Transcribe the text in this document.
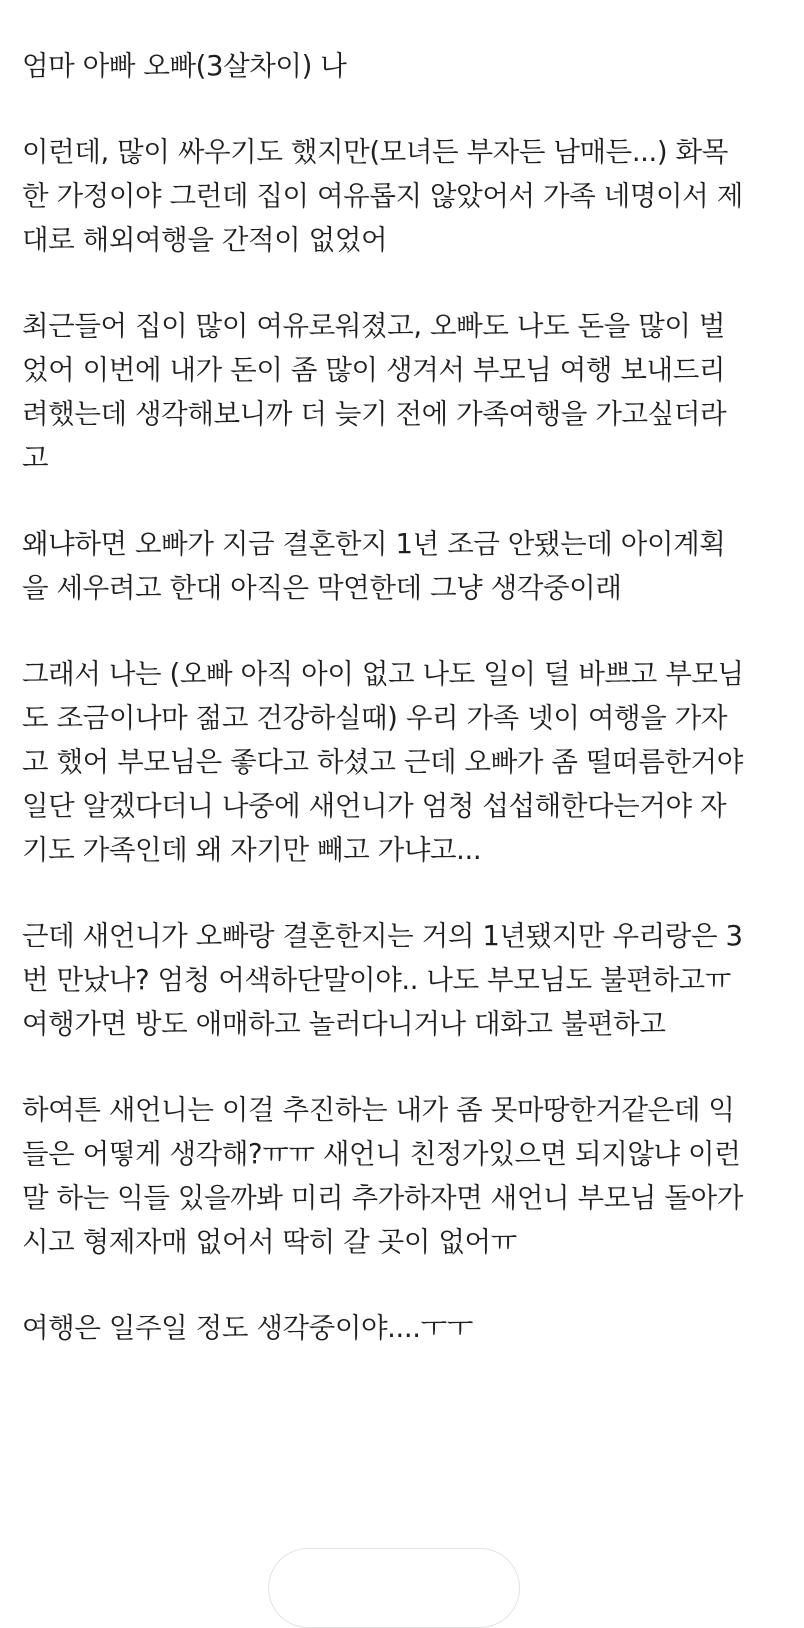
엄마 아빠 오빠(3살차이) 나

이런데, 많이 싸우기도 했지만(모녀든 부자든 남매든...) 화목
한 가정이야 그런데 집이 여유롭지 않았어서 가족 네명이서 제
대로 해외여행을 간적이 없었어

최근들어 집이 많이 여유로워졌고, 오빠도 나도 돈을 많이 벌
었어 이번에 내가 돈이 좀 많이 생겨서 부모님 여행 보내드리
려했는데 생각해보니까 더 늦기 전에 가족여행을 가고싶더라
고

왜냐하면 오빠가 지금 결혼한지 1년 조금 안됐는데 아이계획
을 세우려고 한대 아직은 막연한데 그냥 생각중이래

그래서 나는 (오빠 아직 아이 없고 나도 일이 덜 바쁘고 부모님
도 조금이나마 젊고 건강하실때) 우리 가족 넷이 여행을 가자
고 했어 부모님은 좋다고 하셨고 근데 오빠가 좀 떨떠름한거야
일단 알겠다더니 나중에 새언니가 엄청 섭섭해한다는거야 자
기도 가족인데 왜 자기만 빼고 가냐고...

근데 새언니가 오빠랑 결혼한지는 거의 1년됐지만 우리랑은 3
번 만났나? 엄청 어색하단말이야.. 나도 부모님도 불편하고ㅠ
여행가면 방도 애매하고 놀러다니거나 대화고 불편하고

하여튼 새언니는 이걸 추진하는 내가 좀 못마땅한거같은데 익
들은 어떻게 생각해?ㅠㅠ 새언니 친정가있으면 되지않냐 이런
말 하는 익들 있을까봐 미리 추가하자면 새언니 부모님 돌아가
시고 형제자매 없어서 딱히 갈 곳이 없어ㅠ

여행은 일주일 정도 생각중이야....ㅜㅜ
